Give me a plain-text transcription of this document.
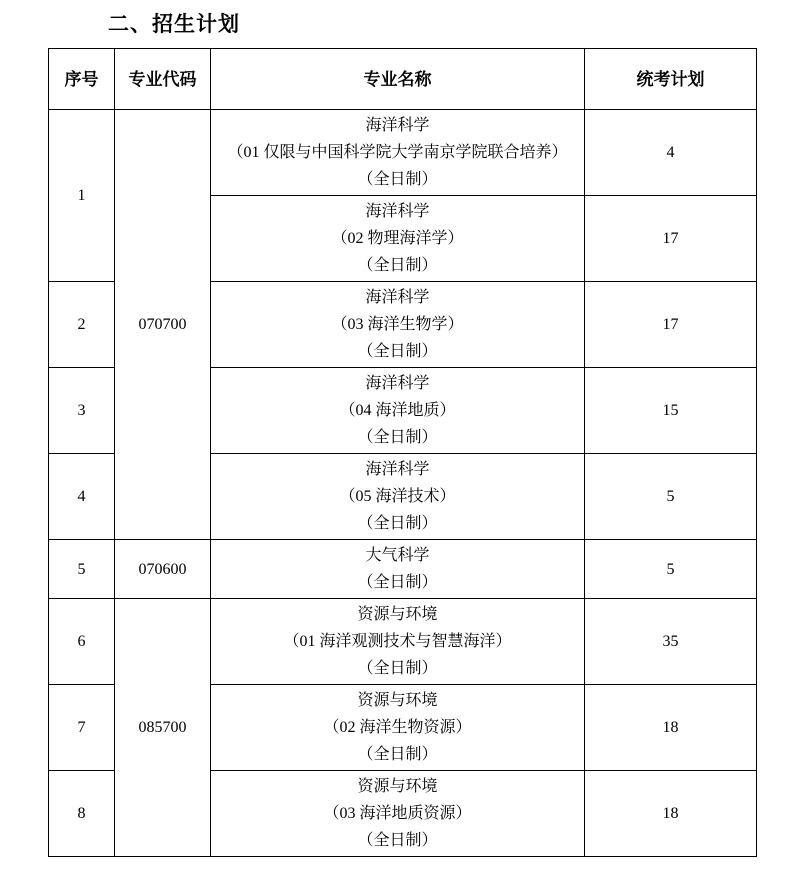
二、招生计划
序号	专业代码	专业名称	统考计划
1	070700	海洋科学
（01 仅限与中国科学院大学南京学院联合培养）
（全日制）	4

		海洋科学
（02 物理海洋学）
（全日制）	17
2		海洋科学
（03 海洋生物学）
（全日制）	17
3		海洋科学
（04 海洋地质）
（全日制）	15
4		海洋科学
（05 海洋技术）
（全日制）	5
5	070600	大气科学
（全日制）	5
6	085700	资源与环境
（01 海洋观测技术与智慧海洋）
（全日制）	35
7		资源与环境
（02 海洋生物资源）
（全日制）	18
8		资源与环境
（03 海洋地质资源）
（全日制）	18
